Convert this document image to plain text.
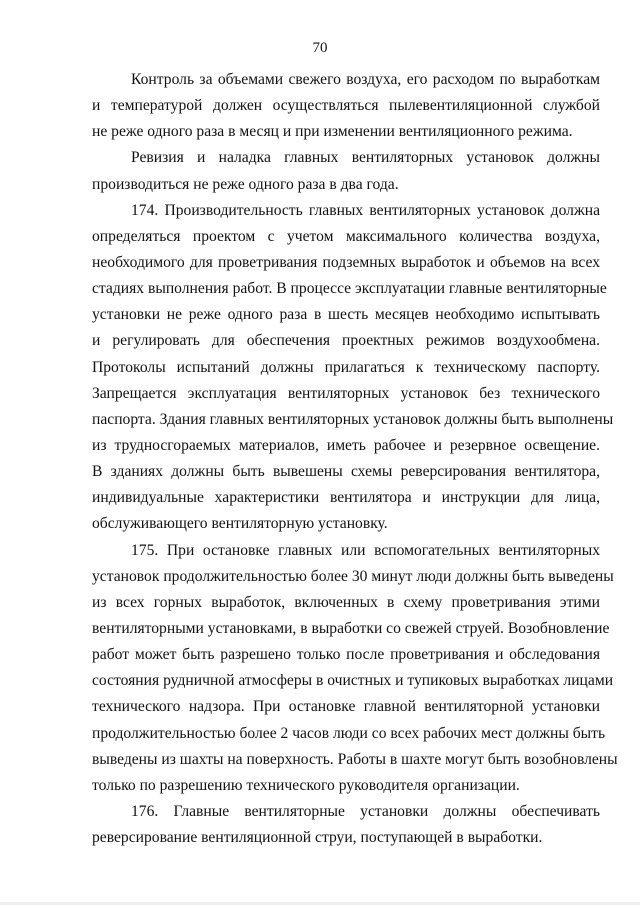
70
Контроль за объемами свежего воздуха, его расходом по выработкам
и температурой должен осуществляться пылевентиляционной службой
не реже одного раза в месяц и при изменении вентиляционного режима.
Ревизия и наладка главных вентиляторных установок должны
производиться не реже одного раза в два года.
174. Производительность главных вентиляторных установок должна
определяться проектом с учетом максимального количества воздуха,
необходимого для проветривания подземных выработок и объемов на всех
стадиях выполнения работ. В процессе эксплуатации главные вентиляторные
установки не реже одного раза в шесть месяцев необходимо испытывать
и регулировать для обеспечения проектных режимов воздухообмена.
Протоколы испытаний должны прилагаться к техническому паспорту.
Запрещается эксплуатация вентиляторных установок без технического
паспорта. Здания главных вентиляторных установок должны быть выполнены
из трудносгораемых материалов, иметь рабочее и резервное освещение.
В зданиях должны быть вывешены схемы реверсирования вентилятора,
индивидуальные характеристики вентилятора и инструкции для лица,
обслуживающего вентиляторную установку.
175. При остановке главных или вспомогательных вентиляторных
установок продолжительностью более 30 минут люди должны быть выведены
из всех горных выработок, включенных в схему проветривания этими
вентиляторными установками, в выработки со свежей струей. Возобновление
работ может быть разрешено только после проветривания и обследования
состояния рудничной атмосферы в очистных и тупиковых выработках лицами
технического надзора. При остановке главной вентиляторной установки
продолжительностью более 2 часов люди со всех рабочих мест должны быть
выведены из шахты на поверхность. Работы в шахте могут быть возобновлены
только по разрешению технического руководителя организации.
176. Главные вентиляторные установки должны обеспечивать
реверсирование вентиляционной струи, поступающей в выработки.
